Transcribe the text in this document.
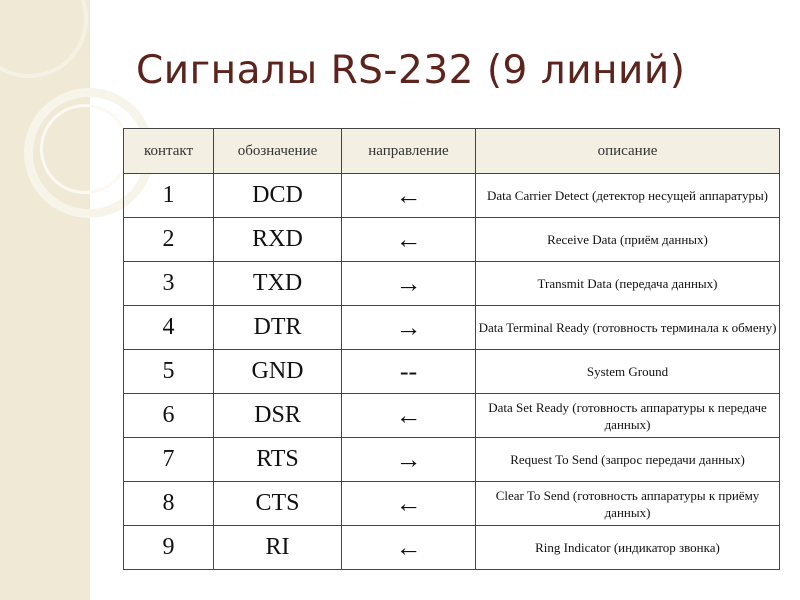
Сигналы RS-232 (9 линий)
контакт	обозначение	направление	описание
1	DCD	←	Data Carrier Detect (детектор несущей аппаратуры)
2	RXD	←	Receive Data (приём данных)
3	TXD	→	Transmit Data (передача данных)
4	DTR	→	Data Terminal Ready (готовность терминала к обмену)
5	GND	--	System Ground
6	DSR	←	Data Set Ready (готовность аппаратуры к передаче данных)
7	RTS	→	Request To Send (запрос передачи данных)
8	CTS	←	Clear To Send (готовность аппаратуры к приёму данных)
9	RI	←	Ring Indicator (индикатор звонка)
